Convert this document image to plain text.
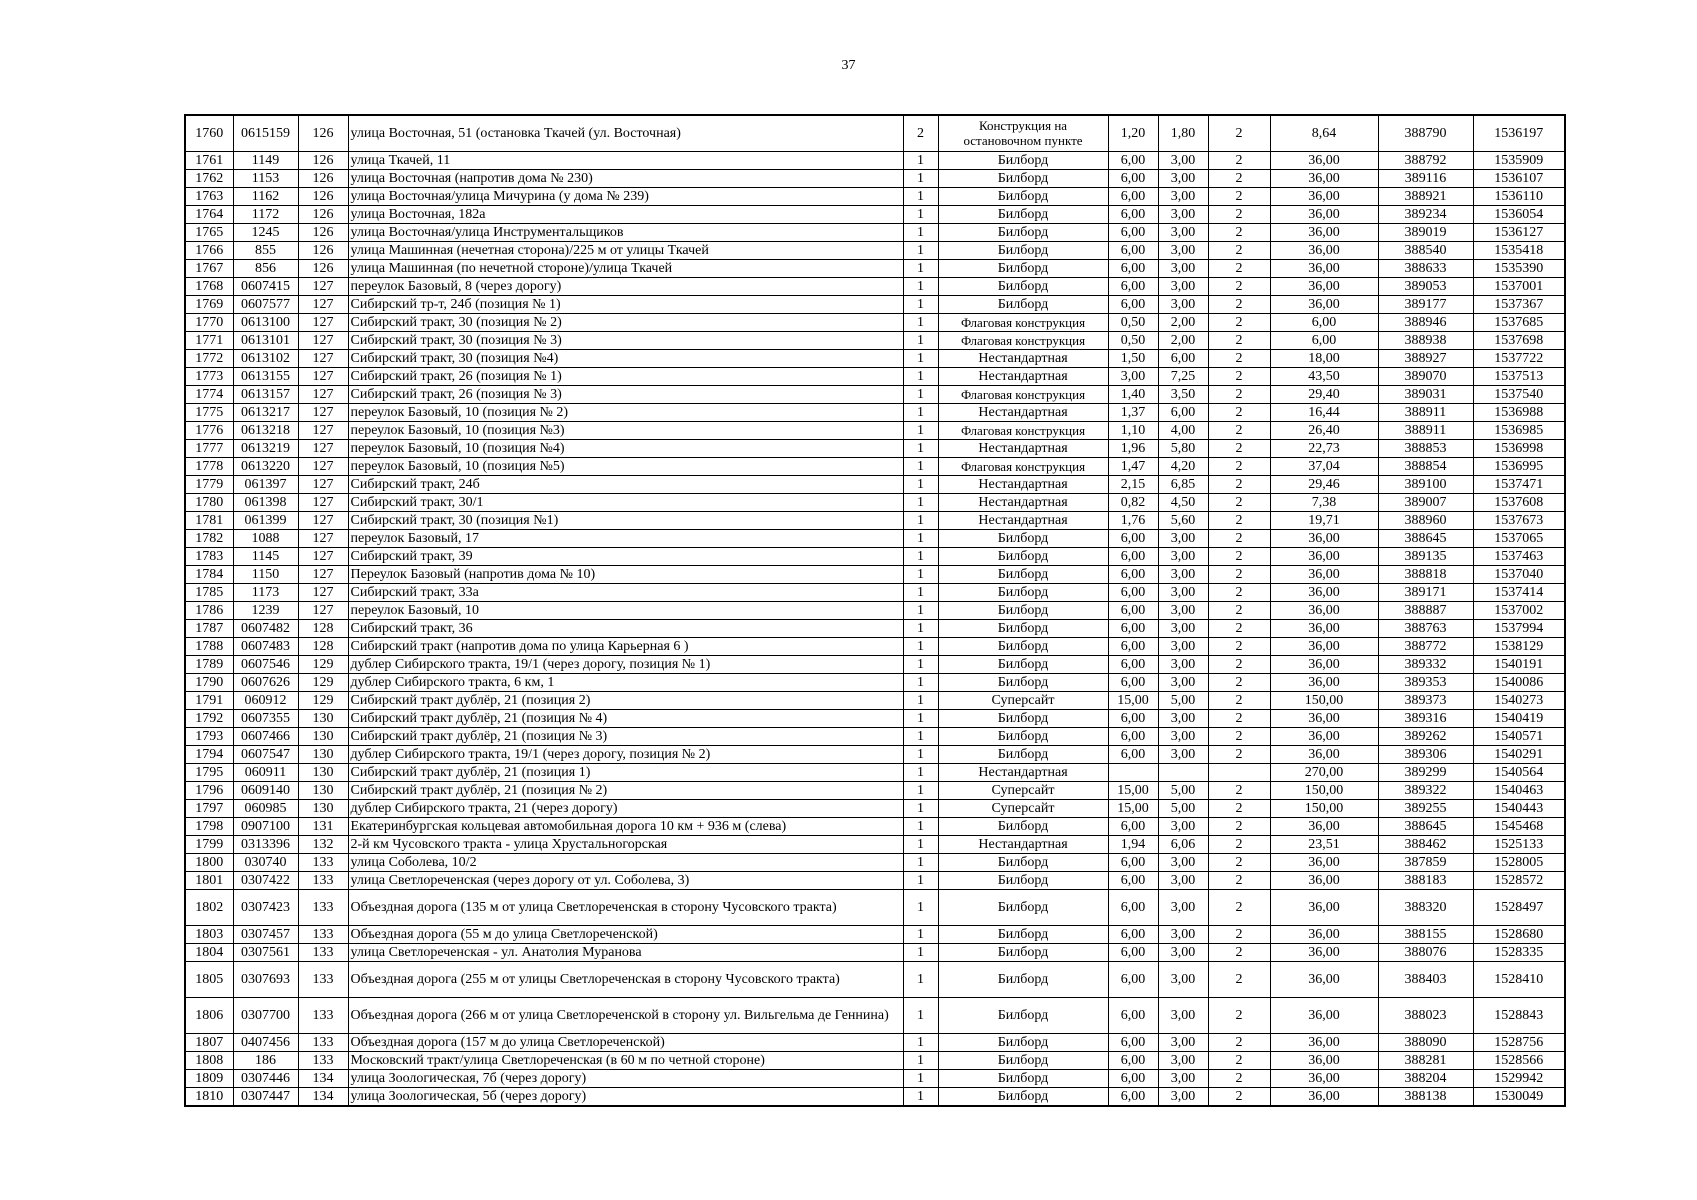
37
1760	0615159	126	улица Восточная, 51 (остановка Ткачей (ул. Восточная)	2	Конструкция на остановочном пункте	1,20	1,80	2	8,64	388790	1536197
1761	1149	126	улица Ткачей, 11	1	Билборд	6,00	3,00	2	36,00	388792	1535909
1762	1153	126	улица Восточная (напротив дома № 230)	1	Билборд	6,00	3,00	2	36,00	389116	1536107
1763	1162	126	улица Восточная/улица Мичурина (у дома № 239)	1	Билборд	6,00	3,00	2	36,00	388921	1536110
1764	1172	126	улица Восточная, 182а	1	Билборд	6,00	3,00	2	36,00	389234	1536054
1765	1245	126	улица Восточная/улица Инструментальщиков	1	Билборд	6,00	3,00	2	36,00	389019	1536127
1766	855	126	улица Машинная (нечетная сторона)/225 м от улицы Ткачей	1	Билборд	6,00	3,00	2	36,00	388540	1535418
1767	856	126	улица Машинная (по нечетной стороне)/улица Ткачей	1	Билборд	6,00	3,00	2	36,00	388633	1535390
1768	0607415	127	переулок Базовый, 8 (через дорогу)	1	Билборд	6,00	3,00	2	36,00	389053	1537001
1769	0607577	127	Сибирский тр-т, 24б (позиция № 1)	1	Билборд	6,00	3,00	2	36,00	389177	1537367
1770	0613100	127	Сибирский тракт, 30 (позиция № 2)	1	Флаговая конструкция	0,50	2,00	2	6,00	388946	1537685
1771	0613101	127	Сибирский тракт, 30 (позиция № 3)	1	Флаговая конструкция	0,50	2,00	2	6,00	388938	1537698
1772	0613102	127	Сибирский тракт, 30 (позиция №4)	1	Нестандартная	1,50	6,00	2	18,00	388927	1537722
1773	0613155	127	Сибирский тракт, 26 (позиция № 1)	1	Нестандартная	3,00	7,25	2	43,50	389070	1537513
1774	0613157	127	Сибирский тракт, 26 (позиция № 3)	1	Флаговая конструкция	1,40	3,50	2	29,40	389031	1537540
1775	0613217	127	переулок Базовый, 10 (позиция № 2)	1	Нестандартная	1,37	6,00	2	16,44	388911	1536988
1776	0613218	127	переулок Базовый, 10 (позиция №3)	1	Флаговая конструкция	1,10	4,00	2	26,40	388911	1536985
1777	0613219	127	переулок Базовый, 10 (позиция №4)	1	Нестандартная	1,96	5,80	2	22,73	388853	1536998
1778	0613220	127	переулок Базовый, 10 (позиция №5)	1	Флаговая конструкция	1,47	4,20	2	37,04	388854	1536995
1779	061397	127	Сибирский тракт, 24б	1	Нестандартная	2,15	6,85	2	29,46	389100	1537471
1780	061398	127	Сибирский тракт, 30/1	1	Нестандартная	0,82	4,50	2	7,38	389007	1537608
1781	061399	127	Сибирский тракт, 30 (позиция №1)	1	Нестандартная	1,76	5,60	2	19,71	388960	1537673
1782	1088	127	переулок Базовый, 17	1	Билборд	6,00	3,00	2	36,00	388645	1537065
1783	1145	127	Сибирский тракт, 39	1	Билборд	6,00	3,00	2	36,00	389135	1537463
1784	1150	127	Переулок Базовый (напротив дома № 10)	1	Билборд	6,00	3,00	2	36,00	388818	1537040
1785	1173	127	Сибирский тракт, 33а	1	Билборд	6,00	3,00	2	36,00	389171	1537414
1786	1239	127	переулок Базовый, 10	1	Билборд	6,00	3,00	2	36,00	388887	1537002
1787	0607482	128	Сибирский тракт, 36	1	Билборд	6,00	3,00	2	36,00	388763	1537994
1788	0607483	128	Сибирский тракт (напротив дома по улица Карьерная 6 )	1	Билборд	6,00	3,00	2	36,00	388772	1538129
1789	0607546	129	дублер Сибирского тракта, 19/1 (через дорогу, позиция № 1)	1	Билборд	6,00	3,00	2	36,00	389332	1540191
1790	0607626	129	дублер Сибирского тракта, 6 км, 1	1	Билборд	6,00	3,00	2	36,00	389353	1540086
1791	060912	129	Сибирский тракт дублёр, 21 (позиция 2)	1	Суперсайт	15,00	5,00	2	150,00	389373	1540273
1792	0607355	130	Сибирский тракт дублёр, 21 (позиция № 4)	1	Билборд	6,00	3,00	2	36,00	389316	1540419
1793	0607466	130	Сибирский тракт дублёр, 21 (позиция № 3)	1	Билборд	6,00	3,00	2	36,00	389262	1540571
1794	0607547	130	дублер Сибирского тракта, 19/1 (через дорогу, позиция № 2)	1	Билборд	6,00	3,00	2	36,00	389306	1540291
1795	060911	130	Сибирский тракт дублёр, 21 (позиция 1)	1	Нестандартная				270,00	389299	1540564
1796	0609140	130	Сибирский тракт дублёр, 21 (позиция № 2)	1	Суперсайт	15,00	5,00	2	150,00	389322	1540463
1797	060985	130	дублер Сибирского тракта, 21 (через дорогу)	1	Суперсайт	15,00	5,00	2	150,00	389255	1540443
1798	0907100	131	Екатеринбургская кольцевая автомобильная дорога 10 км + 936 м (слева)	1	Билборд	6,00	3,00	2	36,00	388645	1545468
1799	0313396	132	2-й км Чусовского тракта - улица Хрустальногорская	1	Нестандартная	1,94	6,06	2	23,51	388462	1525133
1800	030740	133	улица Соболева, 10/2	1	Билборд	6,00	3,00	2	36,00	387859	1528005
1801	0307422	133	улица Светлореченская (через дорогу от ул. Соболева, 3)	1	Билборд	6,00	3,00	2	36,00	388183	1528572
1802	0307423	133	Объездная дорога (135 м от улица Светлореченская в сторону Чусовского тракта)	1	Билборд	6,00	3,00	2	36,00	388320	1528497
1803	0307457	133	Объездная дорога (55 м до улица Светлореченской)	1	Билборд	6,00	3,00	2	36,00	388155	1528680
1804	0307561	133	улица Светлореченская - ул. Анатолия Муранова	1	Билборд	6,00	3,00	2	36,00	388076	1528335
1805	0307693	133	Объездная дорога (255 м от улицы Светлореченская в сторону Чусовского тракта)	1	Билборд	6,00	3,00	2	36,00	388403	1528410
1806	0307700	133	Объездная дорога (266 м от улица Светлореченской в сторону ул. Вильгельма де Геннина)	1	Билборд	6,00	3,00	2	36,00	388023	1528843
1807	0407456	133	Объездная дорога (157 м до улица Светлореченской)	1	Билборд	6,00	3,00	2	36,00	388090	1528756
1808	186	133	Московский тракт/улица Светлореченская (в 60 м по четной стороне)	1	Билборд	6,00	3,00	2	36,00	388281	1528566
1809	0307446	134	улица Зоологическая, 7б (через дорогу)	1	Билборд	6,00	3,00	2	36,00	388204	1529942
1810	0307447	134	улица Зоологическая, 5б (через дорогу)	1	Билборд	6,00	3,00	2	36,00	388138	1530049
